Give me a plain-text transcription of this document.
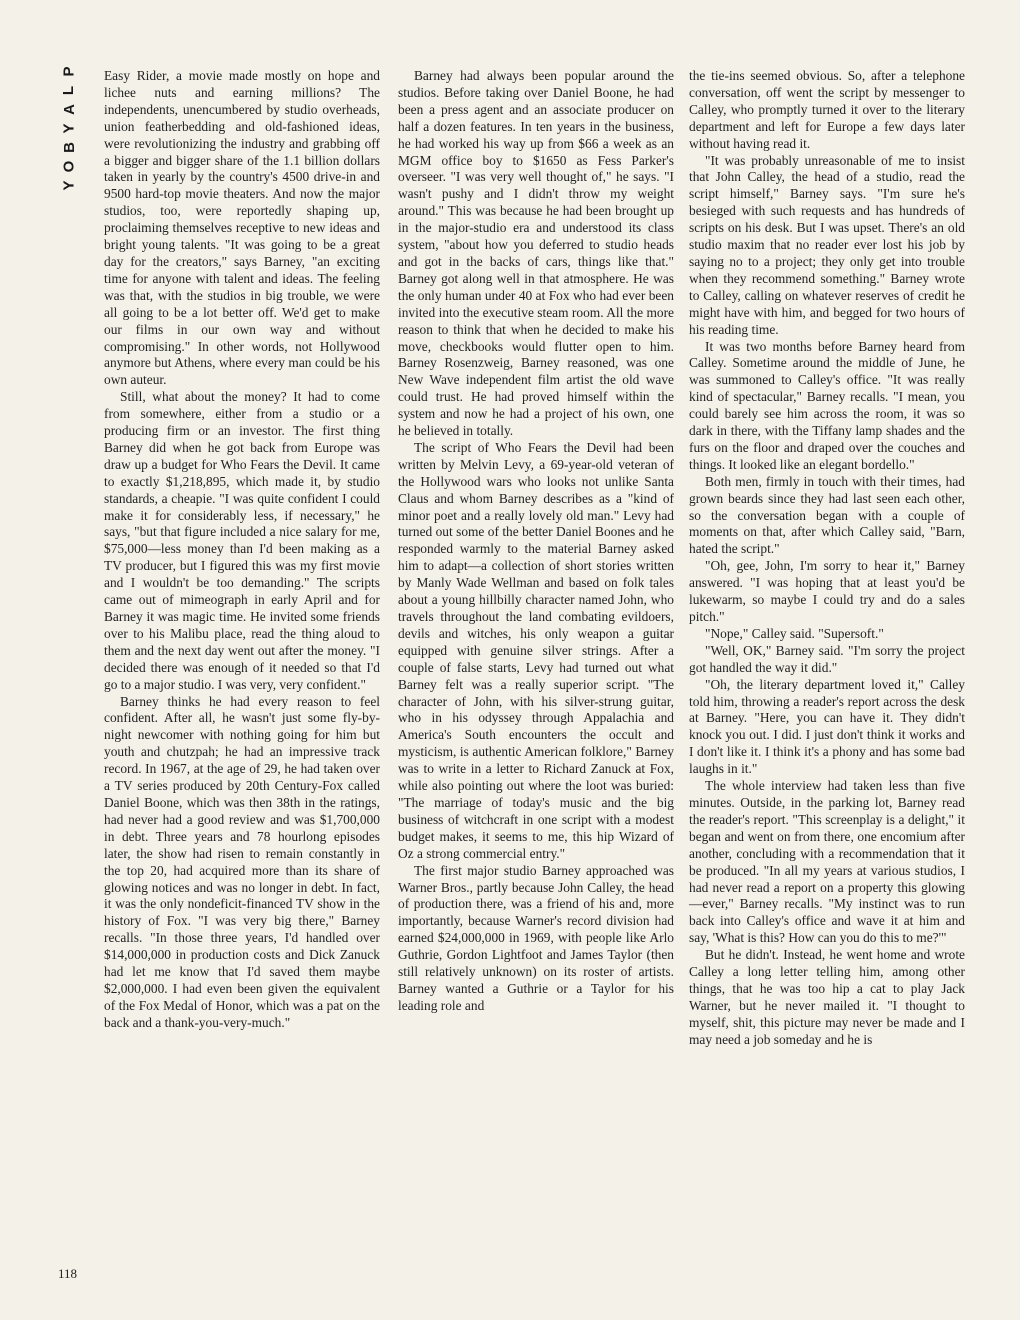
P
L
A
Y
B
O
Y

Easy Rider, a movie made mostly on hope and lichee nuts and earning millions? The independents, unencumbered by studio overheads, union featherbedding and old-fashioned ideas, were revolutionizing the industry and grabbing off a bigger and bigger share of the 1.1 billion dollars taken in yearly by the country's 4500 drive-in and 9500 hard-top movie theaters. And now the major studios, too, were reportedly shaping up, proclaiming themselves receptive to new ideas and bright young talents. "It was going to be a great day for the creators," says Barney, "an exciting time for anyone with talent and ideas. The feeling was that, with the studios in big trouble, we were all going to be a lot better off. We'd get to make our films in our own way and without compromising." In other words, not Hollywood anymore but Athens, where every man could be his own auteur.

Still, what about the money? It had to come from somewhere, either from a studio or a producing firm or an investor. The first thing Barney did when he got back from Europe was draw up a budget for Who Fears the Devil. It came to exactly $1,218,895, which made it, by studio standards, a cheapie. "I was quite confident I could make it for considerably less, if necessary," he says, "but that figure included a nice salary for me, $75,000—less money than I'd been making as a TV producer, but I figured this was my first movie and I wouldn't be too demanding." The scripts came out of mimeograph in early April and for Barney it was magic time. He invited some friends over to his Malibu place, read the thing aloud to them and the next day went out after the money. "I decided there was enough of it needed so that I'd go to a major studio. I was very, very confident."

Barney thinks he had every reason to feel confident. After all, he wasn't just some fly-by-night newcomer with nothing going for him but youth and chutzpah; he had an impressive track record. In 1967, at the age of 29, he had taken over a TV series produced by 20th Century-Fox called Daniel Boone, which was then 38th in the ratings, had never had a good review and was $1,700,000 in debt. Three years and 78 hourlong episodes later, the show had risen to remain constantly in the top 20, had acquired more than its share of glowing notices and was no longer in debt. In fact, it was the only nondeficit-financed TV show in the history of Fox. "I was very big there," Barney recalls. "In those three years, I'd handled over $14,000,000 in production costs and Dick Zanuck had let me know that I'd saved them maybe $2,000,000. I had even been given the equivalent of the Fox Medal of Honor, which was a pat on the back and a thank-you-very-much."

Barney had always been popular around the studios. Before taking over Daniel Boone, he had been a press agent and an associate producer on half a dozen features. In ten years in the business, he had worked his way up from $66 a week as an MGM office boy to $1650 as Fess Parker's overseer. "I was very well thought of," he says. "I wasn't pushy and I didn't throw my weight around." This was because he had been brought up in the major-studio era and understood its class system, "about how you deferred to studio heads and got in the backs of cars, things like that." Barney got along well in that atmosphere. He was the only human under 40 at Fox who had ever been invited into the executive steam room. All the more reason to think that when he decided to make his move, checkbooks would flutter open to him. Barney Rosenzweig, Barney reasoned, was one New Wave independent film artist the old wave could trust. He had proved himself within the system and now he had a project of his own, one he believed in totally.

The script of Who Fears the Devil had been written by Melvin Levy, a 69-year-old veteran of the Hollywood wars who looks not unlike Santa Claus and whom Barney describes as a "kind of minor poet and a really lovely old man." Levy had turned out some of the better Daniel Boones and he responded warmly to the material Barney asked him to adapt—a collection of short stories written by Manly Wade Wellman and based on folk tales about a young hillbilly character named John, who travels throughout the land combating evildoers, devils and witches, his only weapon a guitar equipped with genuine silver strings. After a couple of false starts, Levy had turned out what Barney felt was a really superior script. "The character of John, with his silver-strung guitar, who in his odyssey through Appalachia and America's South encounters the occult and mysticism, is authentic American folklore," Barney was to write in a letter to Richard Zanuck at Fox, while also pointing out where the loot was buried: "The marriage of today's music and the big business of witchcraft in one script with a modest budget makes, it seems to me, this hip Wizard of Oz a strong commercial entry."

The first major studio Barney approached was Warner Bros., partly because John Calley, the head of production there, was a friend of his and, more importantly, because Warner's record division had earned $24,000,000 in 1969, with people like Arlo Guthrie, Gordon Lightfoot and James Taylor (then still relatively unknown) on its roster of artists. Barney wanted a Guthrie or a Taylor for his leading role and

the tie-ins seemed obvious. So, after a telephone conversation, off went the script by messenger to Calley, who promptly turned it over to the literary department and left for Europe a few days later without having read it.

"It was probably unreasonable of me to insist that John Calley, the head of a studio, read the script himself," Barney says. "I'm sure he's besieged with such requests and has hundreds of scripts on his desk. But I was upset. There's an old studio maxim that no reader ever lost his job by saying no to a project; they only get into trouble when they recommend something." Barney wrote to Calley, calling on whatever reserves of credit he might have with him, and begged for two hours of his reading time.

It was two months before Barney heard from Calley. Sometime around the middle of June, he was summoned to Calley's office. "It was really kind of spectacular," Barney recalls. "I mean, you could barely see him across the room, it was so dark in there, with the Tiffany lamp shades and the furs on the floor and draped over the couches and things. It looked like an elegant bordello."

Both men, firmly in touch with their times, had grown beards since they had last seen each other, so the conversation began with a couple of moments on that, after which Calley said, "Barn, hated the script."

"Oh, gee, John, I'm sorry to hear it," Barney answered. "I was hoping that at least you'd be lukewarm, so maybe I could try and do a sales pitch."

"Nope," Calley said. "Supersoft."

"Well, OK," Barney said. "I'm sorry the project got handled the way it did."

"Oh, the literary department loved it," Calley told him, throwing a reader's report across the desk at Barney. "Here, you can have it. They didn't knock you out. I did. I just don't think it works and I don't like it. I think it's a phony and has some bad laughs in it."

The whole interview had taken less than five minutes. Outside, in the parking lot, Barney read the reader's report. "This screenplay is a delight," it began and went on from there, one encomium after another, concluding with a recommendation that it be produced. "In all my years at various studios, I had never read a report on a property this glowing—ever," Barney recalls. "My instinct was to run back into Calley's office and wave it at him and say, 'What is this? How can you do this to me?'"

But he didn't. Instead, he went home and wrote Calley a long letter telling him, among other things, that he was too hip a cat to play Jack Warner, but he never mailed it. "I thought to myself, shit, this picture may never be made and I may need a job someday and he is

118
